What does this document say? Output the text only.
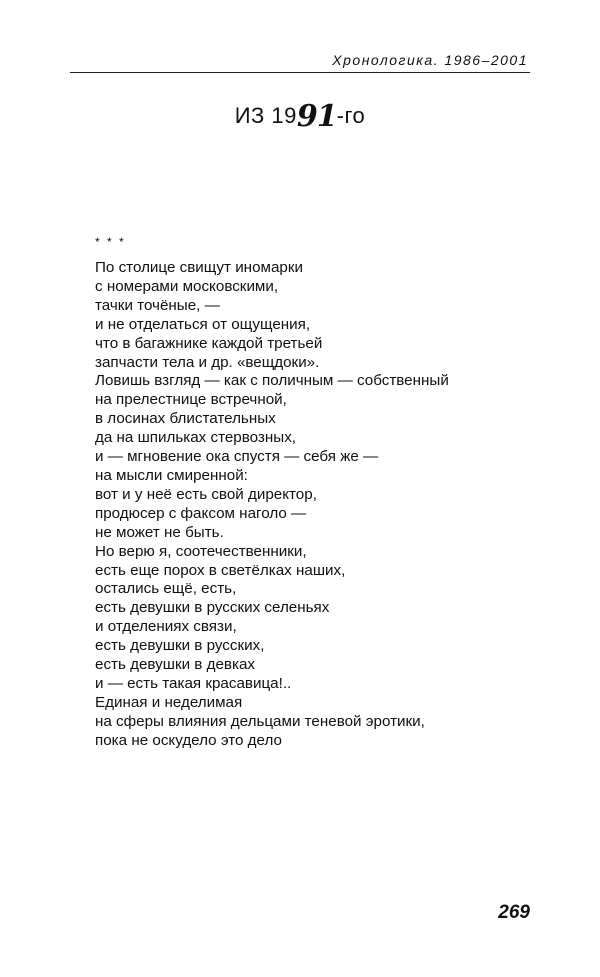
Хронологика. 1986–2001
ИЗ 1991-го
* * *
По столице свищут иномарки
с номерами московскими,
тачки точёные, —
и не отделаться от ощущения,
что в багажнике каждой третьей
запчасти тела и др. «вещдоки».
Ловишь взгляд — как с поличным — собственный
на прелестнице встречной,
в лосинах блистательных
да на шпильках стервозных,
и — мгновение ока спустя — себя же —
на мысли смиренной:
вот и у неё есть свой директор,
продюсер с факсом наголо —
не может не быть.
Но верю я, соотечественники,
есть еще порох в светёлках наших,
остались ещё, есть,
есть девушки в русских селеньях
и отделениях связи,
есть девушки в русских,
есть девушки в девках
и — есть такая красавица!..
Единая и неделимая
на сферы влияния дельцами теневой эротики,
пока не оскудело это дело
269
